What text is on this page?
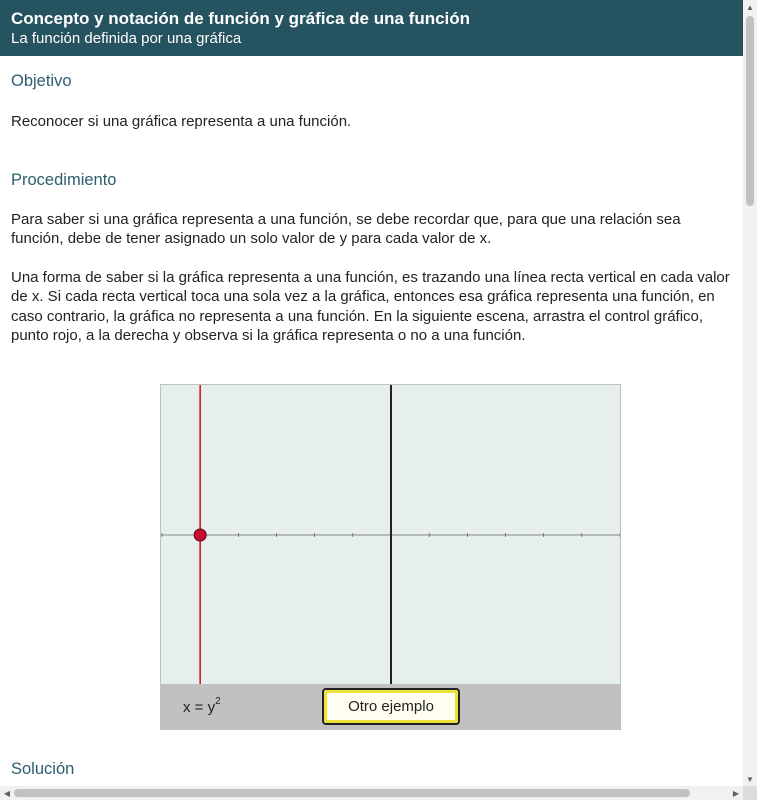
Concepto y notación de función y gráfica de una función
La función definida por una gráfica
Objetivo
Reconocer si una gráfica representa a una función.
Procedimiento
Para saber si una gráfica representa a una función, se debe recordar que, para que una relación sea función, debe de tener asignado un solo valor de y para cada valor de x.
Una forma de saber si la gráfica representa a una función, es trazando una línea recta vertical en cada valor de x. Si cada recta vertical toca una sola vez a la gráfica, entonces esa gráfica representa una función, en caso contrario, la gráfica no representa a una función. En la siguiente escena, arrastra el control gráfico, punto rojo, a la derecha y observa si la gráfica representa o no a una función.
Solución
$x = y^2$	Otro ejemplo
▲
▼
◀	▶
